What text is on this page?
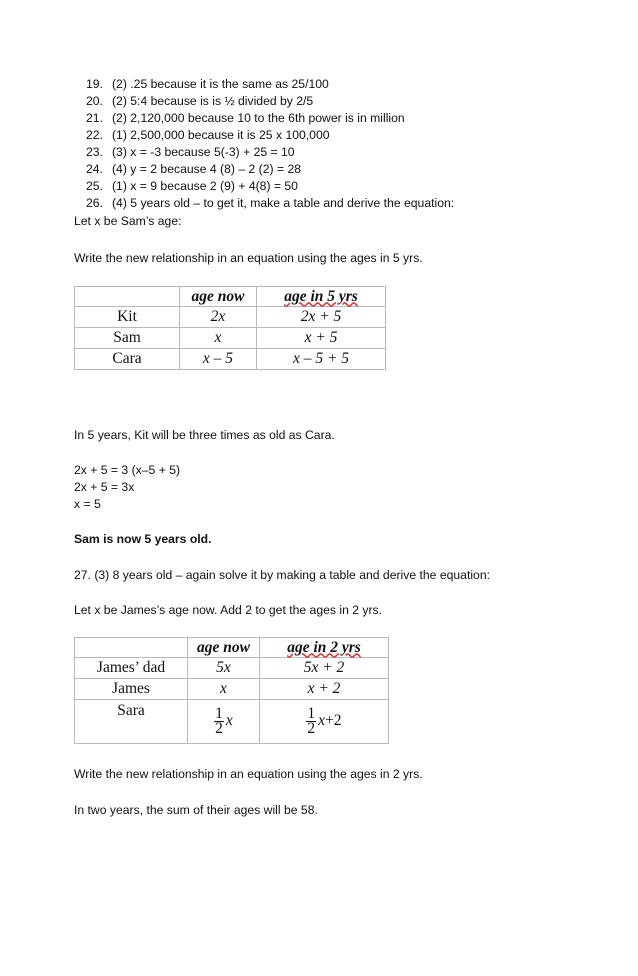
19. (2) .25 because it is the same as 25/100
20. (2) 5:4 because is is ½ divided by 2/5
21. (2) 2,120,000 because 10 to the 6th power is in million
22. (1) 2,500,000 because it is 25 x 100,000
23. (3) x = -3 because 5(-3) + 25 = 10
24. (4) y = 2 because 4 (8) – 2 (2) = 28
25. (1) x = 9 because 2 (9) + 4(8) = 50
26. (4) 5 years old – to get it, make a table and derive the equation:
Let x be Sam’s age:
Write the new relationship in an equation using the ages in 5 yrs.
	age now	age in 5 yrs
Kit	2x	2x + 5
Sam	x	x + 5
Cara	x – 5	x – 5 + 5
In 5 years, Kit will be three times as old as Cara.
2x + 5 = 3 (x–5 + 5)
2x + 5 = 3x
x = 5
Sam is now 5 years old.
27. (3) 8 years old – again solve it by making a table and derive the equation:
Let x be James’s age now. Add 2 to get the ages in 2 yrs.
	age now	age in 2 yrs
James’ dad	5x	5x + 2
James	x	x + 2
Sara	$\frac{1}{2}$ x	$\frac{1}{2} x+2$
Write the new relationship in an equation using the ages in 2 yrs.
In two years, the sum of their ages will be 58.
